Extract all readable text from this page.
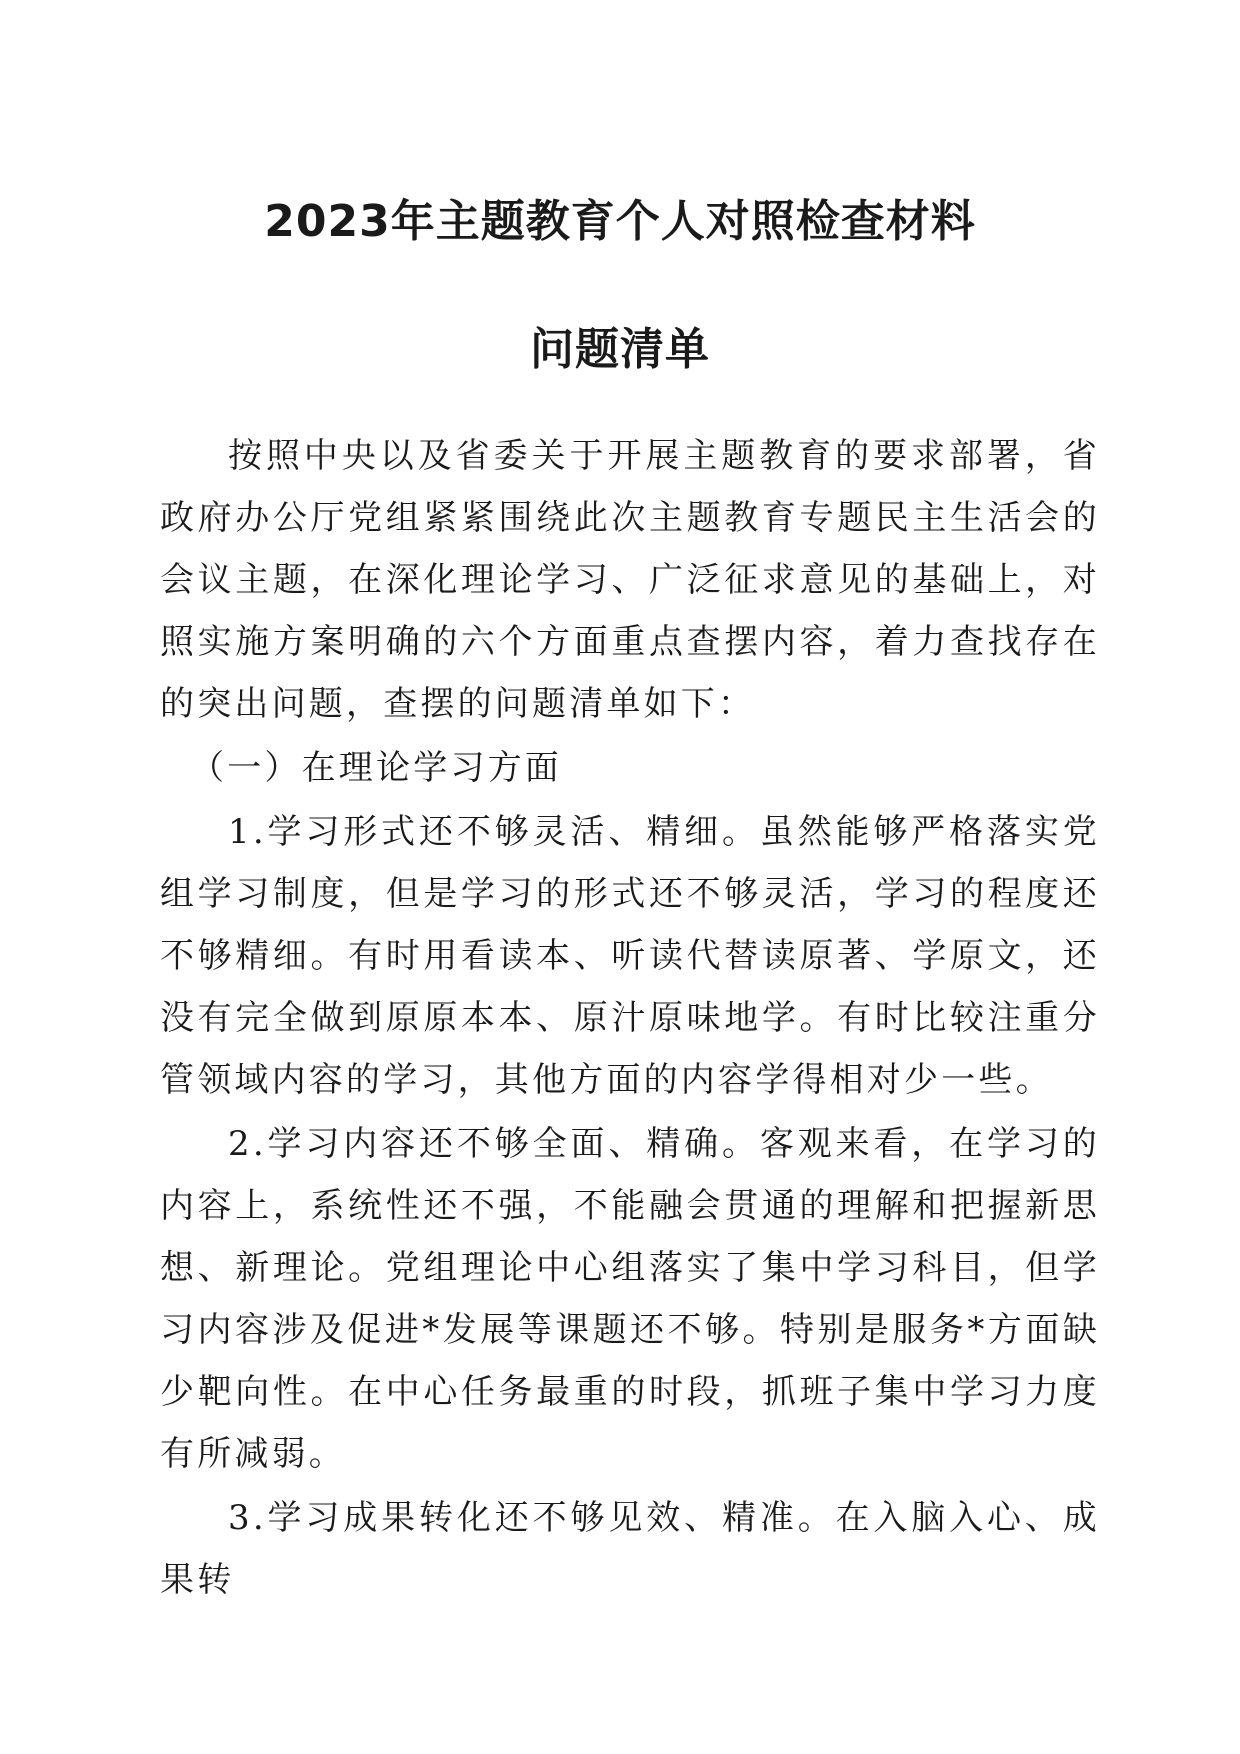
2023年主题教育个人对照检查材料
问题清单

按照中央以及省委关于开展主题教育的要求部署，省政府办公厅党组紧紧围绕此次主题教育专题民主生活会的会议主题，在深化理论学习、广泛征求意见的基础上，对照实施方案明确的六个方面重点查摆内容，着力查找存在的突出问题，查摆的问题清单如下：

（一）在理论学习方面

1.学习形式还不够灵活、精细。虽然能够严格落实党组学习制度，但是学习的形式还不够灵活，学习的程度还不够精细。有时用看读本、听读代替读原著、学原文，还没有完全做到原原本本、原汁原味地学。有时比较注重分管领域内容的学习，其他方面的内容学得相对少一些。

2.学习内容还不够全面、精确。客观来看，在学习的内容上，系统性还不强，不能融会贯通的理解和把握新思想、新理论。党组理论中心组落实了集中学习科目，但学习内容涉及促进*发展等课题还不够。特别是服务*方面缺少靶向性。在中心任务最重的时段，抓班子集中学习力度有所减弱。

3.学习成果转化还不够见效、精准。在入脑入心、成果转
